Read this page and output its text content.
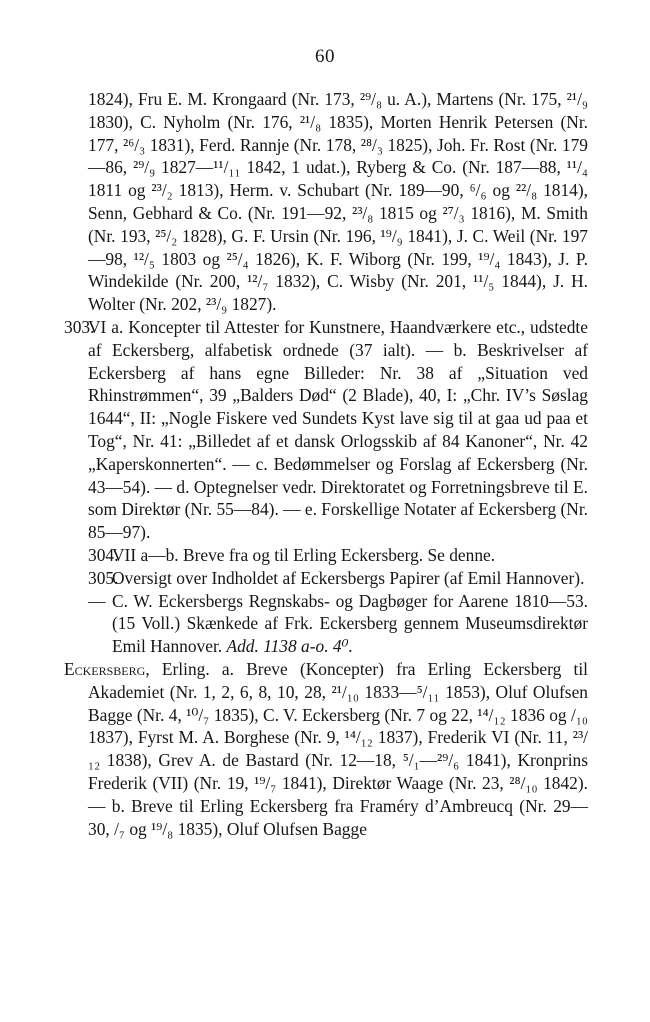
60

1824), Fru E. M. Krongaard (Nr. 173, ²⁹/₈ u. A.), Martens (Nr. 175, ²¹/₉ 1830), C. Nyholm (Nr. 176, ²¹/₈ 1835), Morten Henrik Petersen (Nr. 177, ²⁶/₃ 1831), Ferd. Rannje (Nr. 178, ²⁸/₃ 1825), Joh. Fr. Rost (Nr. 179—86, ²⁹/₉ 1827—¹¹/₁₁ 1842, 1 udat.), Ryberg & Co. (Nr. 187—88, ¹¹/₄ 1811 og ²³/₂ 1813), Herm. v. Schubart (Nr. 189—90, ⁶/₆ og ²²/₈ 1814), Senn, Gebhard & Co. (Nr. 191—92, ²³/₈ 1815 og ²⁷/₃ 1816), M. Smith (Nr. 193, ²⁵/₂ 1828), G. F. Ursin (Nr. 196, ¹⁹/₉ 1841), J. C. Weil (Nr. 197—98, ¹²/₅ 1803 og ²⁵/₄ 1826), K. F. Wiborg (Nr. 199, ¹⁹/₄ 1843), J. P. Windekilde (Nr. 200, ¹²/₇ 1832), C. Wisby (Nr. 201, ¹¹/₅ 1844), J. H. Wolter (Nr. 202, ²³/₉ 1827).

303.VI a. Koncepter til Attester for Kunstnere, Haandværkere etc., udstedte af Eckersberg, alfabetisk ordnede (37 ialt). — b. Beskrivelser af Eckersberg af hans egne Billeder: Nr. 38 af „Situation ved Rhinstrømmen“, 39 „Balders Død“ (2 Blade), 40, I: „Chr. IV’s Søslag 1644“, II: „Nogle Fiskere ved Sundets Kyst lave sig til at gaa ud paa et Tog“, Nr. 41: „Billedet af et dansk Orlogsskib af 84 Kanoner“, Nr. 42 „Kaperskonnerten“. — c. Bedømmelser og Forslag af Eckersberg (Nr. 43—54). — d. Optegnelser vedr. Direktoratet og Forretningsbreve til E. som Direktør (Nr. 55—84). — e. Forskellige Notater af Eckersberg (Nr. 85—97).

304.VII a—b. Breve fra og til Erling Eckersberg. Se denne.

305.Oversigt over Indholdet af Eckersbergs Papirer (af Emil Hannover).

— C. W. Eckersbergs Regnskabs- og Dagbøger for Aarene 1810—53. (15 Voll.) Skænkede af Frk. Eckersberg gennem Museumsdirektør Emil Hannover. Add. 1138 a-o. 4⁰.

Eckersberg, Erling. a. Breve (Koncepter) fra Erling Eckersberg til Akademiet (Nr. 1, 2, 6, 8, 10, 28, ²¹/₁₀ 1833—⁵/₁₁ 1853), Oluf Olufsen Bagge (Nr. 4, ¹⁰/₇ 1835), C. V. Eckersberg (Nr. 7 og 22, ¹⁴/₁₂ 1836 og /₁₀ 1837), Fyrst M. A. Borghese (Nr. 9, ¹⁴/₁₂ 1837), Frederik VI (Nr. 11, ²³/₁₂ 1838), Grev A. de Bastard (Nr. 12—18, ⁵/₁—²⁹/₆ 1841), Kronprins Frederik (VII) (Nr. 19, ¹⁹/₇ 1841), Direktør Waage (Nr. 23, ²⁸/₁₀ 1842). — b. Breve til Erling Eckersberg fra Framéry d’Ambreucq (Nr. 29—30, /₇ og ¹⁹/₈ 1835), Oluf Olufsen Bagge
